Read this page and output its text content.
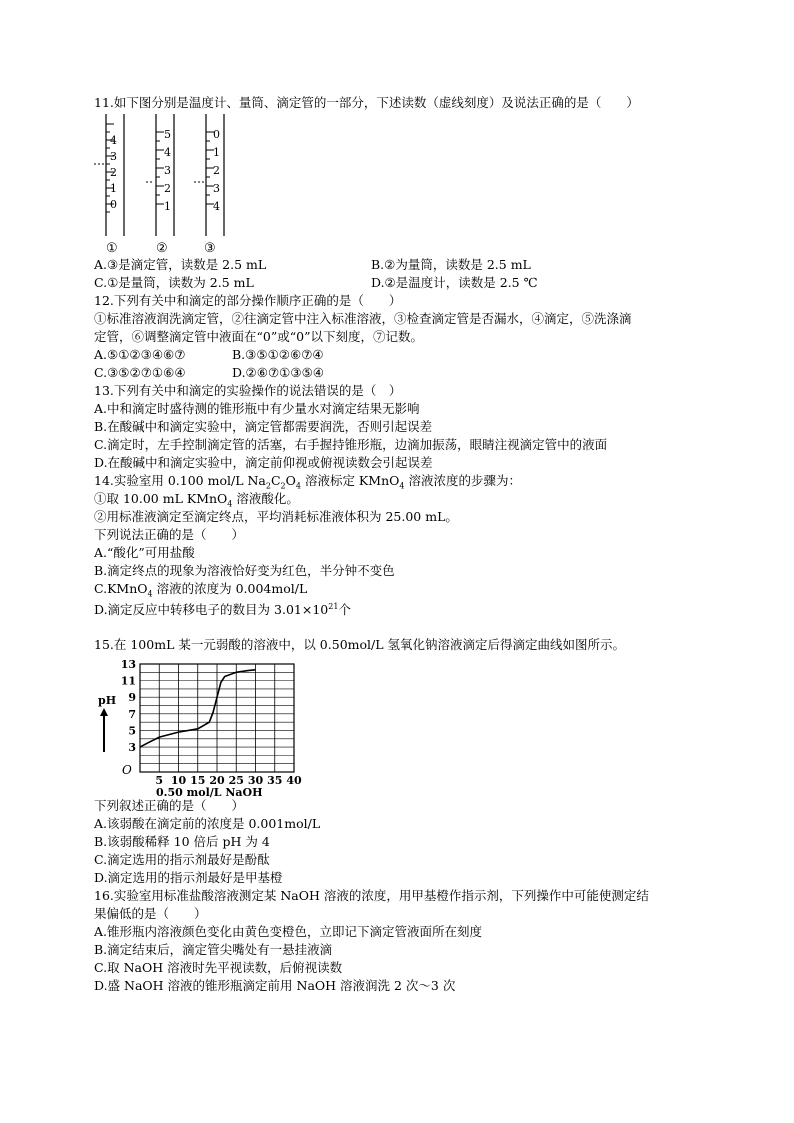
11.如下图分别是温度计、量筒、滴定管的一部分，下述读数（虚线刻度）及说法正确的是（　　）
4
3
2
1
0
①
5
4
3
2
1
②
0
1
2
3
4
③
A.③是滴定管，读数是 2.5 mL	B.②为量筒，读数是 2.5 mL
C.①是量筒，读数为 2.5 mL	D.②是温度计，读数是 2.5 ℃
12.下列有关中和滴定的部分操作顺序正确的是（　　）
①标准溶液润洗滴定管，②往滴定管中注入标准溶液，③检查滴定管是否漏水，④滴定，⑤洗涤滴
定管，⑥调整滴定管中液面在“0”或“0”以下刻度，⑦记数。
A.⑤①②③④⑥⑦	B.③⑤①②⑥⑦④
C.③⑤②⑦①⑥④	D.②⑥⑦①③⑤④
13.下列有关中和滴定的实验操作的说法错误的是（　）
A.中和滴定时盛待测的锥形瓶中有少量水对滴定结果无影响
B.在酸碱中和滴定实验中，滴定管都需要润洗，否则引起误差
C.滴定时，左手控制滴定管的活塞，右手握持锥形瓶，边滴加振荡，眼睛注视滴定管中的液面
D.在酸碱中和滴定实验中，滴定前仰视或俯视读数会引起误差
14.实验室用 0.100 mol/L $Na_2C_2O_4$ 溶液标定 KMnO$_4$ 溶液浓度的步骤为：
①取 10.00 mL KMnO$_4$ 溶液酸化。
②用标准液滴定至滴定终点，平均消耗标准液体积为 25.00 mL。
下列说法正确的是（　　）
A.“酸化”可用盐酸
B.滴定终点的现象为溶液恰好变为红色，半分钟不变色
C.KMnO$_4$ 溶液的浓度为 0.004mol/L
D.滴定反应中转移电子的数目为 $3.01\times 10^{21}$个
15.在 100mL 某一元弱酸的溶液中，以 0.50mol/L 氢氧化钠溶液滴定后得滴定曲线如图所示。
pH
5 10 15 20 25 30 35 40
3
5
7
9
11
13
O
0.50 mol/L NaOH
下列叙述正确的是（　　）
A.该弱酸在滴定前的浓度是 0.001mol/L
B.该弱酸稀释 10 倍后 pH 为 4
C.滴定选用的指示剂最好是酚酞
D.滴定选用的指示剂最好是甲基橙
16.实验室用标准盐酸溶液测定某 NaOH 溶液的浓度，用甲基橙作指示剂，下列操作中可能使测定结
果偏低的是（　　）
A.锥形瓶内溶液颜色变化由黄色变橙色，立即记下滴定管液面所在刻度
B.滴定结束后，滴定管尖嘴处有一悬挂液滴
C.取 NaOH 溶液时先平视读数，后俯视读数
D.盛 NaOH 溶液的锥形瓶滴定前用 NaOH 溶液润洗 2 次～3 次
